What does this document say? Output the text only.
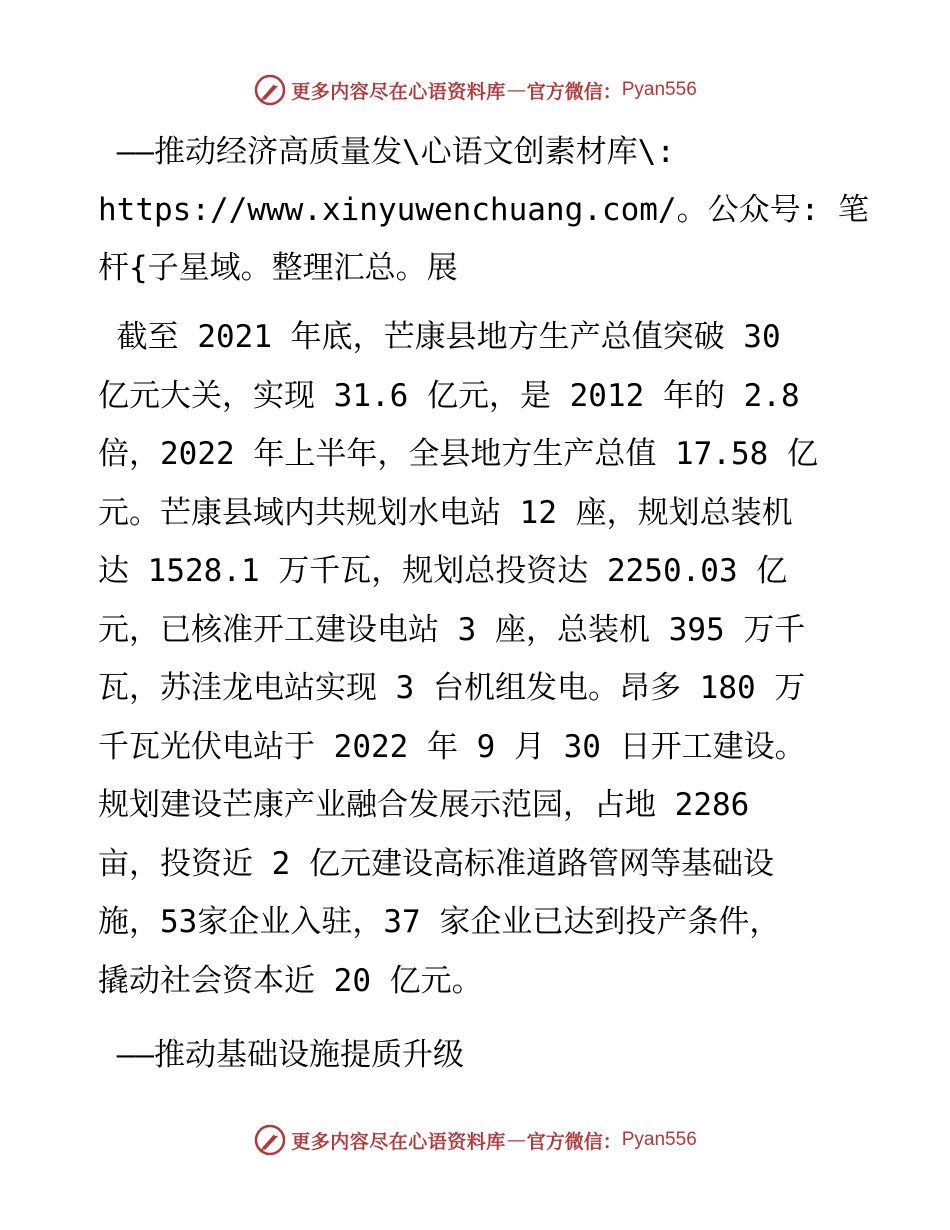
更多内容尽在心语资料库 — 官方微信： Pyan556
——推动经济高质量发\心语文创素材库\:
https://www.xinyuwenchuang.com/。公众号: 笔
杆{子星域。整理汇总。展
截至 2021 年底，芒康县地方生产总值突破 30
亿元大关，实现 31.6 亿元，是 2012 年的 2.8
倍，2022 年上半年，全县地方生产总值 17.58 亿
元。芒康县域内共规划水电站 12 座，规划总装机
达 1528.1 万千瓦，规划总投资达 2250.03 亿
元，已核准开工建设电站 3 座，总装机 395 万千
瓦，苏洼龙电站实现 3 台机组发电。昂多 180 万
千瓦光伏电站于 2022 年 9 月 30 日开工建设。
规划建设芒康产业融合发展示范园，占地 2286
亩，投资近 2 亿元建设高标准道路管网等基础设
施，53家企业入驻，37 家企业已达到投产条件，
撬动社会资本近 20 亿元。
——推动基础设施提质升级
更多内容尽在心语资料库 — 官方微信： Pyan556
